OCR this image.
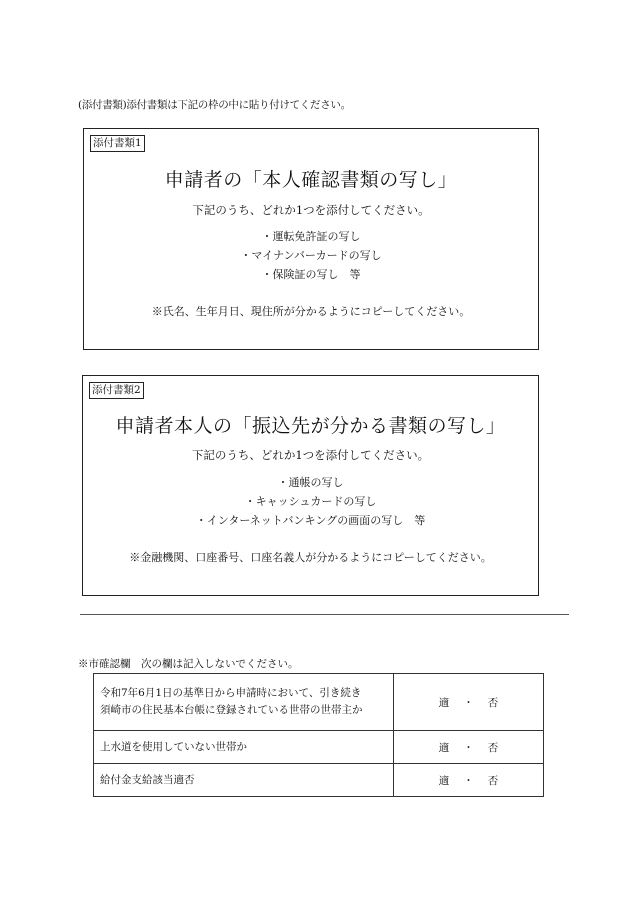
(添付書類)添付書類は下記の枠の中に貼り付けてください。
添付書類1
申請者の「本人確認書類の写し」
下記のうち、どれか1つを添付してください。
・運転免許証の写し
・マイナンバーカードの写し
・保険証の写し　等
※氏名、生年月日、現住所が分かるようにコピーしてください。
添付書類2
申請者本人の「振込先が分かる書類の写し」
下記のうち、どれか1つを添付してください。
・通帳の写し
・キャッシュカードの写し
・インターネットバンキングの画面の写し　等
※金融機関、口座番号、口座名義人が分かるようにコピーしてください。
※市確認欄　次の欄は記入しないでください。
令和7年6月1日の基準日から申請時において、引き続き
須崎市の住民基本台帳に登録されている世帯の世帯主か	適 ・ 否
上水道を使用していない世帯か	適 ・ 否
給付金支給該当適否	適 ・ 否
